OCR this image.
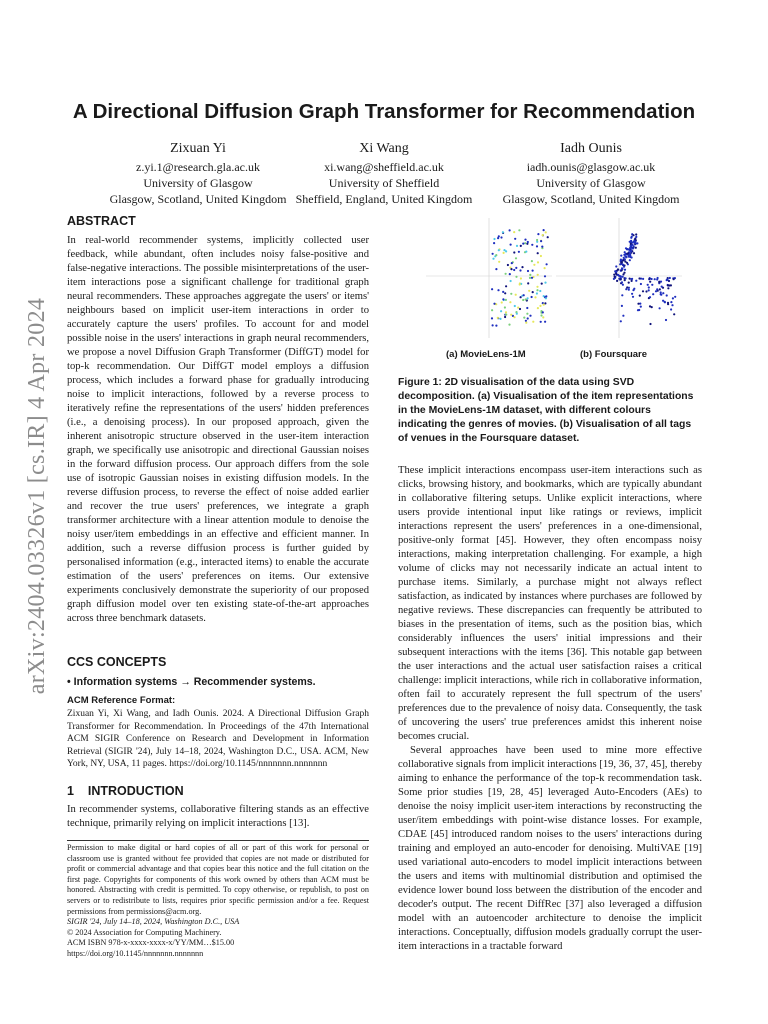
arXiv:2404.03326v1 [cs.IR] 4 Apr 2024
A Directional Diffusion Graph Transformer for Recommendation
Zixuan Yi
z.yi.1@research.gla.ac.uk
University of Glasgow
Glasgow, Scotland, United Kingdom
Xi Wang
xi.wang@sheffield.ac.uk
University of Sheffield
Sheffield, England, United Kingdom
Iadh Ounis
iadh.ounis@glasgow.ac.uk
University of Glasgow
Glasgow, Scotland, United Kingdom
ABSTRACT

In real-world recommender systems, implicitly collected user feedback, while abundant, often includes noisy false-positive and false-negative interactions. The possible misinterpretations of the user-item interactions pose a significant challenge for traditional graph neural recommenders. These approaches aggregate the users' or items' neighbours based on implicit user-item interactions in order to accurately capture the users' profiles. To account for and model possible noise in the users' interactions in graph neural recommenders, we propose a novel Diffusion Graph Transformer (DiffGT) model for top-k recommendation. Our DiffGT model employs a diffusion process, which includes a forward phase for gradually introducing noise to implicit interactions, followed by a reverse process to iteratively refine the representations of the users' hidden preferences (i.e., a denoising process). In our proposed approach, given the inherent anisotropic structure observed in the user-item interaction graph, we specifically use anisotropic and directional Gaussian noises in the forward diffusion process. Our approach differs from the sole use of isotropic Gaussian noises in existing diffusion models. In the reverse diffusion process, to reverse the effect of noise added earlier and recover the true users' preferences, we integrate a graph transformer architecture with a linear attention module to denoise the noisy user/item embeddings in an effective and efficient manner. In addition, such a reverse diffusion process is further guided by personalised information (e.g., interacted items) to enable the accurate estimation of the users' preferences on items. Our extensive experiments conclusively demonstrate the superiority of our proposed graph diffusion model over ten existing state-of-the-art approaches across three benchmark datasets.

CCS CONCEPTS
• Information systems → Recommender systems.
ACM Reference Format:

Zixuan Yi, Xi Wang, and Iadh Ounis. 2024. A Directional Diffusion Graph Transformer for Recommendation. In Proceedings of the 47th International ACM SIGIR Conference on Research and Development in Information Retrieval (SIGIR '24), July 14–18, 2024, Washington D.C., USA. ACM, New York, NY, USA, 11 pages. https://doi.org/10.1145/nnnnnnn.nnnnnnn

1 INTRODUCTION

In recommender systems, collaborative filtering stands as an effective technique, primarily relying on implicit interactions [13].

Permission to make digital or hard copies of all or part of this work for personal or classroom use is granted without fee provided that copies are not made or distributed for profit or commercial advantage and that copies bear this notice and the full citation on the first page. Copyrights for components of this work owned by others than ACM must be honored. Abstracting with credit is permitted. To copy otherwise, or republish, to post on servers or to redistribute to lists, requires prior specific permission and/or a fee. Request permissions from permissions@acm.org.

SIGIR '24, July 14–18, 2024, Washington D.C., USA
© 2024 Association for Computing Machinery.
ACM ISBN 978-x-xxxx-xxxx-x/YY/MM…$15.00
https://doi.org/10.1145/nnnnnnn.nnnnnnn
(a) MovieLens-1M	(b) Foursquare
Figure 1: 2D visualisation of the data using SVD decomposition. (a) Visualisation of the item representations in the MovieLens-1M dataset, with different colours indicating the genres of movies. (b) Visualisation of all tags of venues in the Foursquare dataset.

These implicit interactions encompass user-item interactions such as clicks, browsing history, and bookmarks, which are typically abundant in collaborative filtering setups. Unlike explicit interactions, where users provide intentional input like ratings or reviews, implicit interactions represent the users' preferences in a one-dimensional, positive-only format [45]. However, they often encompass noisy interactions, making interpretation challenging. For example, a high volume of clicks may not necessarily indicate an actual intent to purchase items. Similarly, a purchase might not always reflect satisfaction, as indicated by instances where purchases are followed by negative reviews. These discrepancies can frequently be attributed to biases in the presentation of items, such as the position bias, which considerably influences the users' initial impressions and their subsequent interactions with the items [36]. This notable gap between the user interactions and the actual user satisfaction raises a critical challenge: implicit interactions, while rich in collaborative information, often fail to accurately represent the full spectrum of the users' preferences due to the prevalence of noisy data. Consequently, the task of uncovering the users' true preferences amidst this inherent noise becomes crucial.

Several approaches have been used to mine more effective collaborative signals from implicit interactions [19, 36, 37, 45], thereby aiming to enhance the performance of the top-k recommendation task. Some prior studies [19, 28, 45] leveraged Auto-Encoders (AEs) to denoise the noisy implicit user-item interactions by reconstructing the user/item embeddings with point-wise distance losses. For example, CDAE [45] introduced random noises to the users' interactions during training and employed an auto-encoder for denoising. MultiVAE [19] used variational auto-encoders to model implicit interactions between the users and items with multinomial distribution and optimised the evidence lower bound loss between the distribution of the encoder and decoder's output. The recent DiffRec [37] also leveraged a diffusion model with an autoencoder architecture to denoise the implicit interactions. Conceptually, diffusion models gradually corrupt the user-item interactions in a tractable forward
